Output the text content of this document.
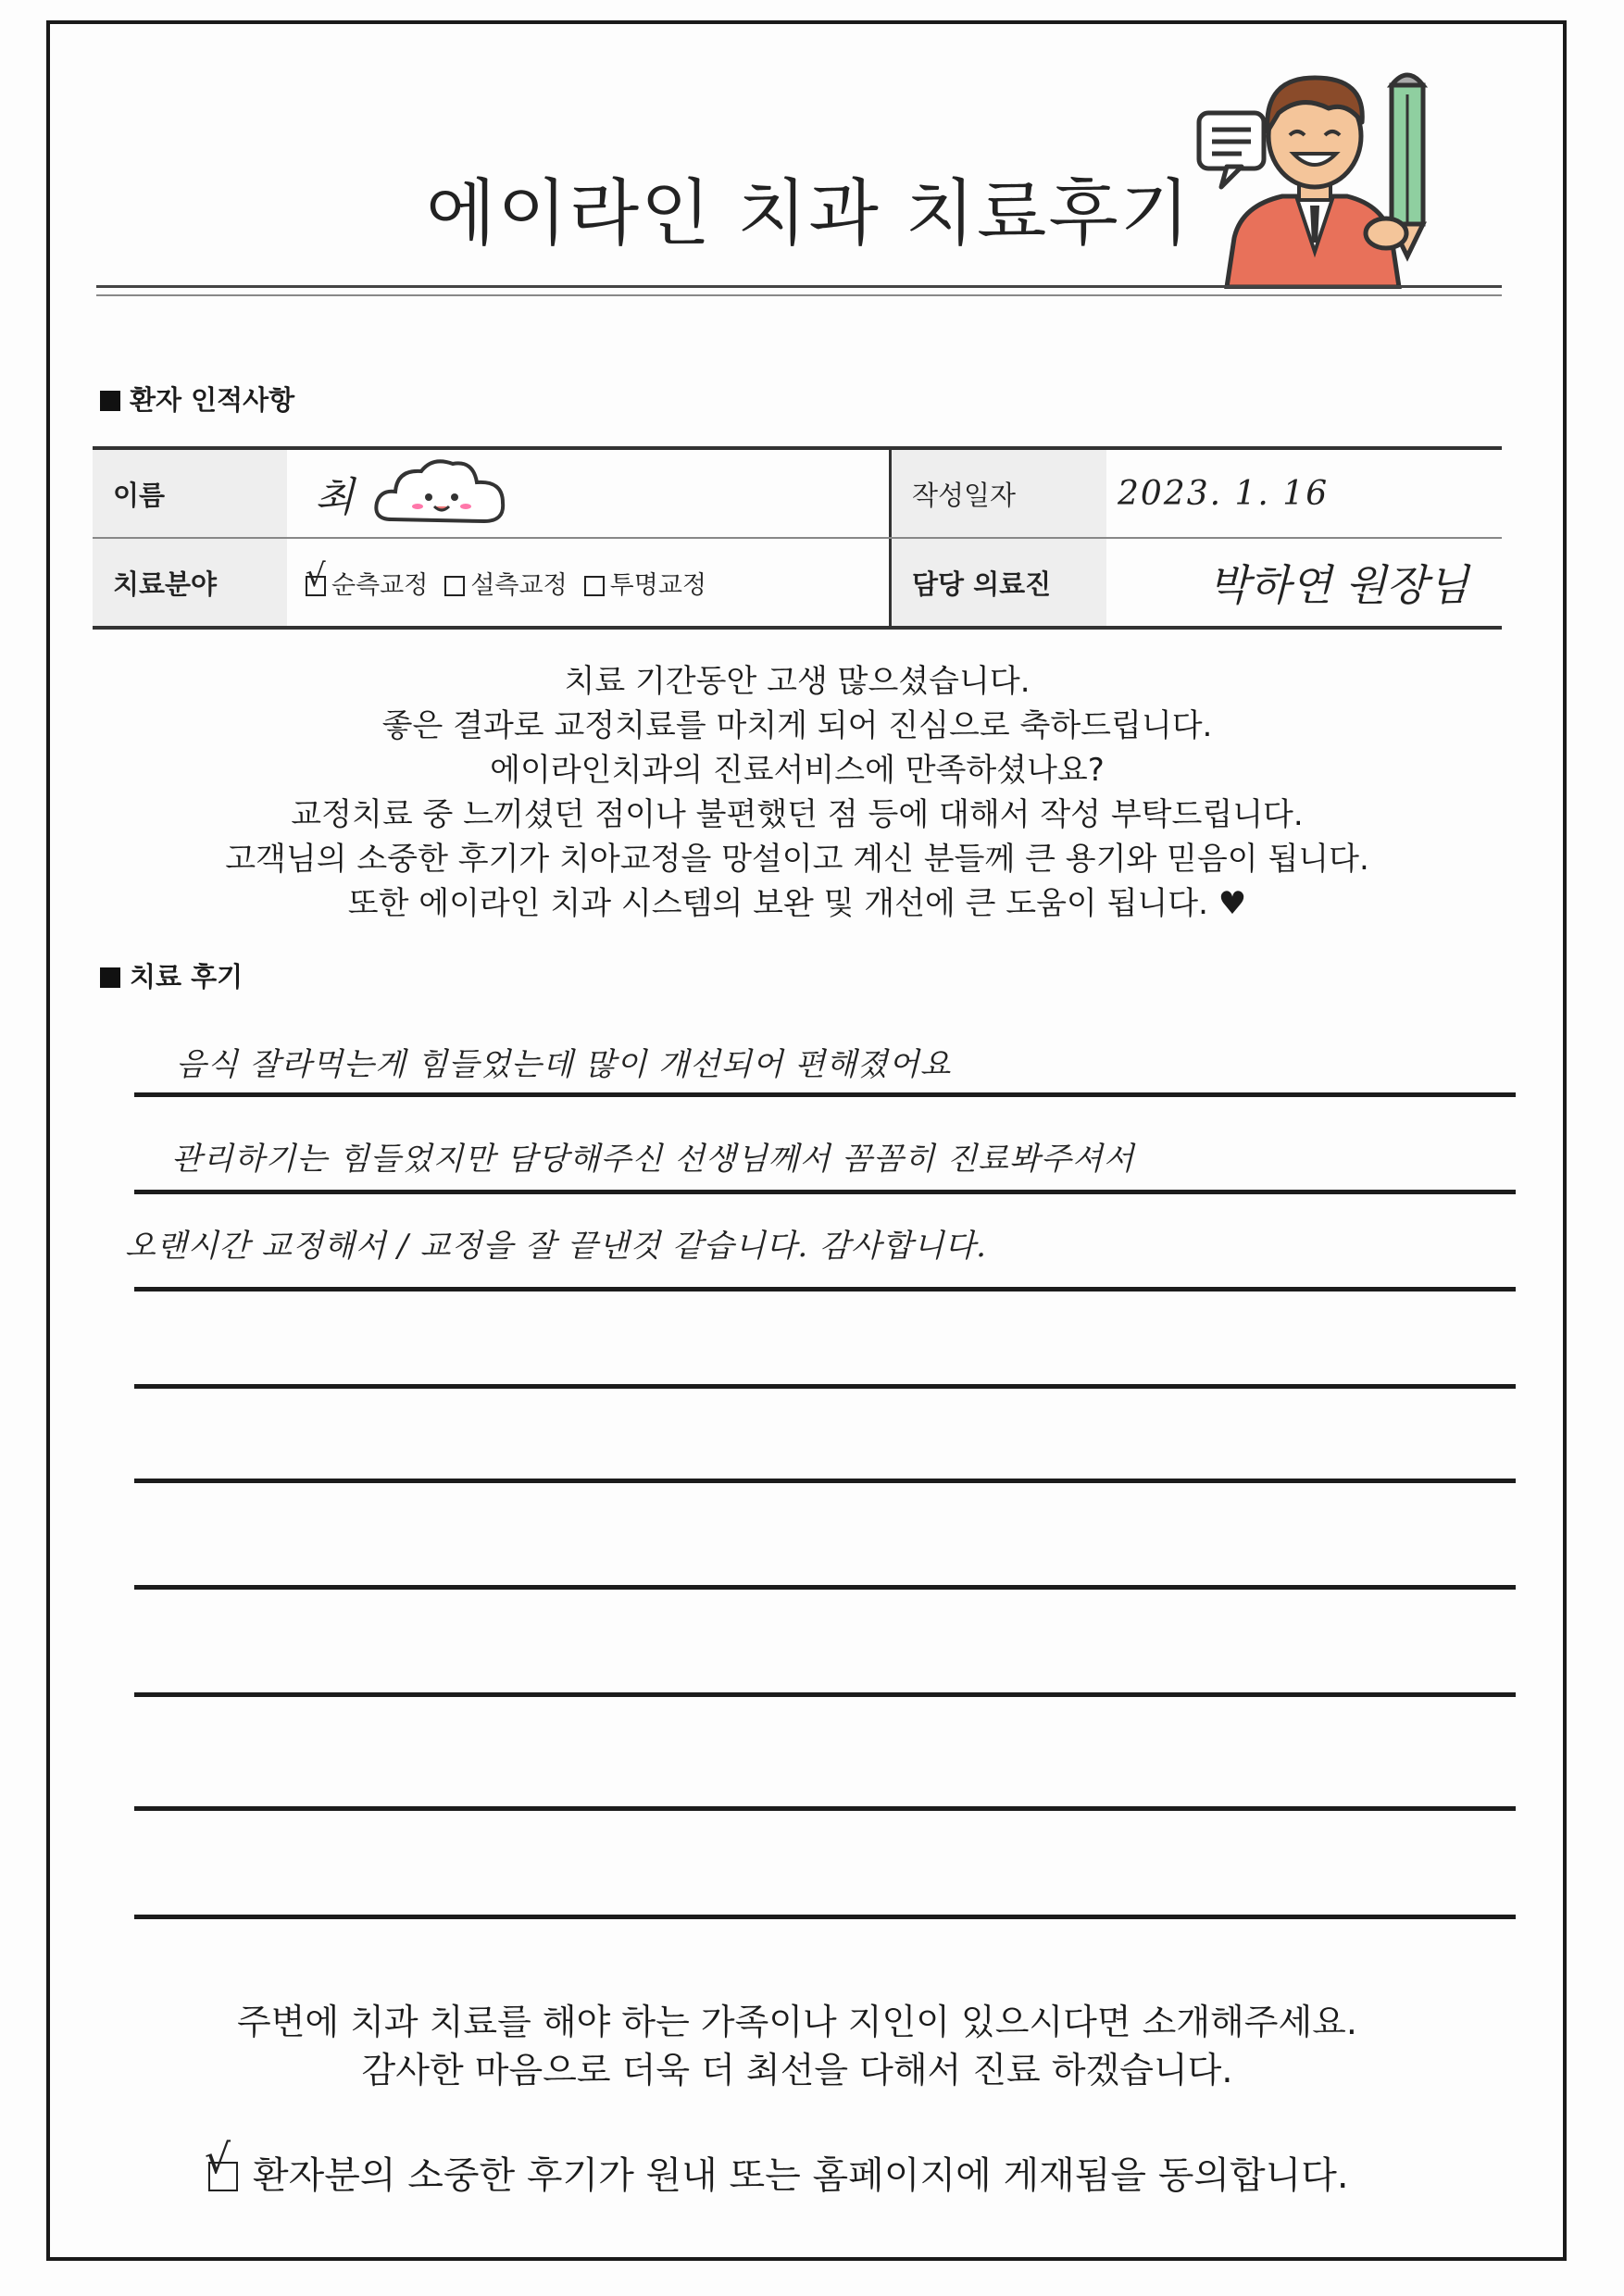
에이라인 치과 치료후기
환자 인적사항
이름	최	작성일자	2023. 1. 16
치료분야
√	순측교정	설측교정	투명교정	담당 의료진	박하연 원장님
치료 기간동안 고생 많으셨습니다.
좋은 결과로 교정치료를 마치게 되어 진심으로 축하드립니다.
에이라인치과의 진료서비스에 만족하셨나요?
교정치료 중 느끼셨던 점이나 불편했던 점 등에 대해서 작성 부탁드립니다.
고객님의 소중한 후기가 치아교정을 망설이고 계신 분들께 큰 용기와 믿음이 됩니다.
또한 에이라인 치과 시스템의 보완 및 개선에 큰 도움이 됩니다. ♥
치료 후기
음식 잘라먹는게 힘들었는데 많이 개선되어 편해졌어요
관리하기는 힘들었지만 담당해주신 선생님께서 꼼꼼히 진료봐주셔서
오랜시간 교정해서 / 교정을 잘 끝낸것 같습니다. 감사합니다.
주변에 치과 치료를 해야 하는 가족이나 지인이 있으시다면 소개해주세요.
감사한 마음으로 더욱 더 최선을 다해서 진료 하겠습니다.
√환자분의 소중한 후기가 원내 또는 홈페이지에 게재됨을 동의합니다.
